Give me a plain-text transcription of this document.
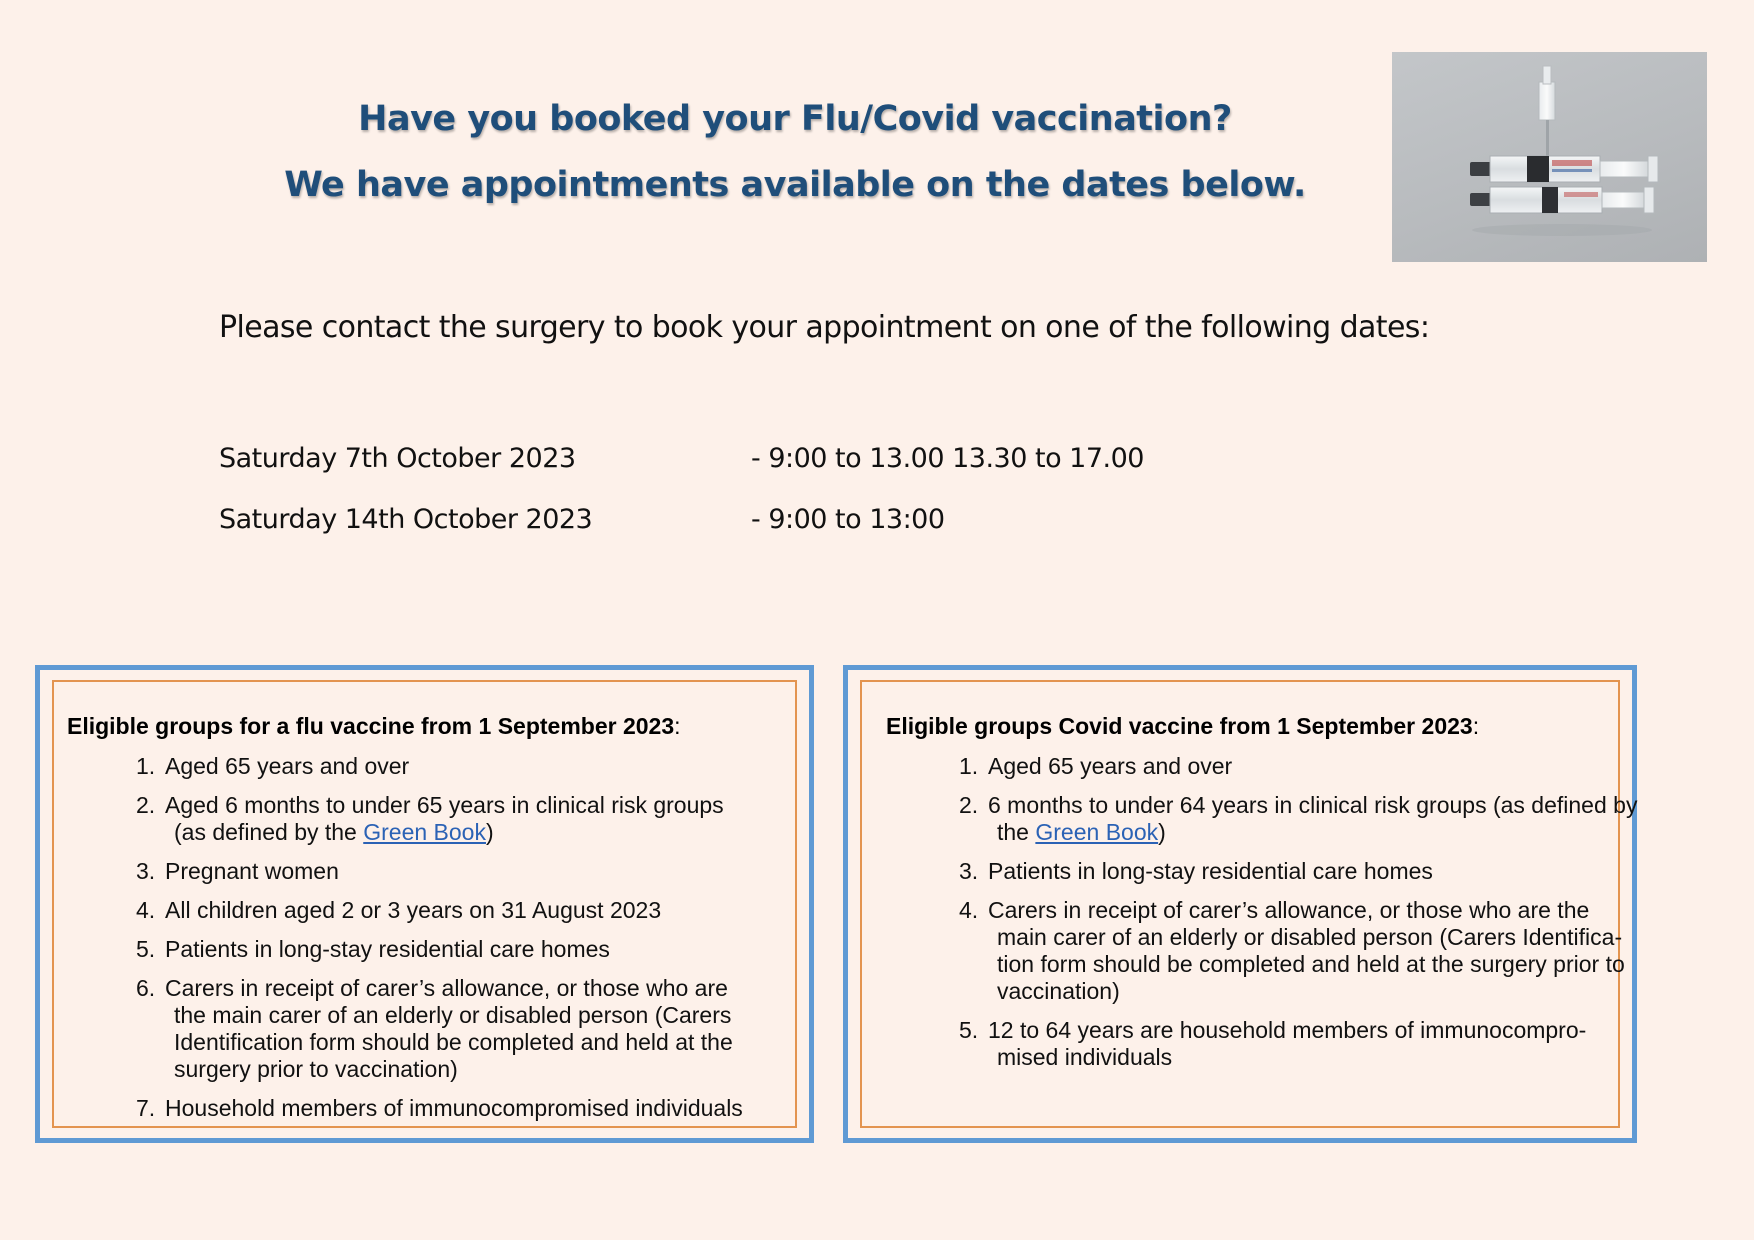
Have you booked your Flu/Covid vaccination?
We have appointments available on the dates below.
Please contact the surgery to book your appointment on one of the following dates:
Saturday 7th October 2023	- 9:00 to 13.00 13.30 to 17.00
Saturday 14th October 2023	- 9:00 to 13:00
Eligible groups for a flu vaccine from 1 September 2023:
1. Aged 65 years and over
2. Aged 6 months to under 65 years in clinical risk groups
(as defined by the Green Book)
3. Pregnant women
4. All children aged 2 or 3 years on 31 August 2023
5. Patients in long-stay residential care homes
6. Carers in receipt of carer’s allowance, or those who are
the main carer of an elderly or disabled person (Carers
Identification form should be completed and held at the
surgery prior to vaccination)
7. Household members of immunocompromised individuals
Eligible groups Covid vaccine from 1 September 2023:
1. Aged 65 years and over
2. 6 months to under 64 years in clinical risk groups (as defined by
the Green Book)
3. Patients in long-stay residential care homes
4. Carers in receipt of carer’s allowance, or those who are the
main carer of an elderly or disabled person (Carers Identifica-
tion form should be completed and held at the surgery prior to
vaccination)
5. 12 to 64 years are household members of immunocompro-
mised individuals
